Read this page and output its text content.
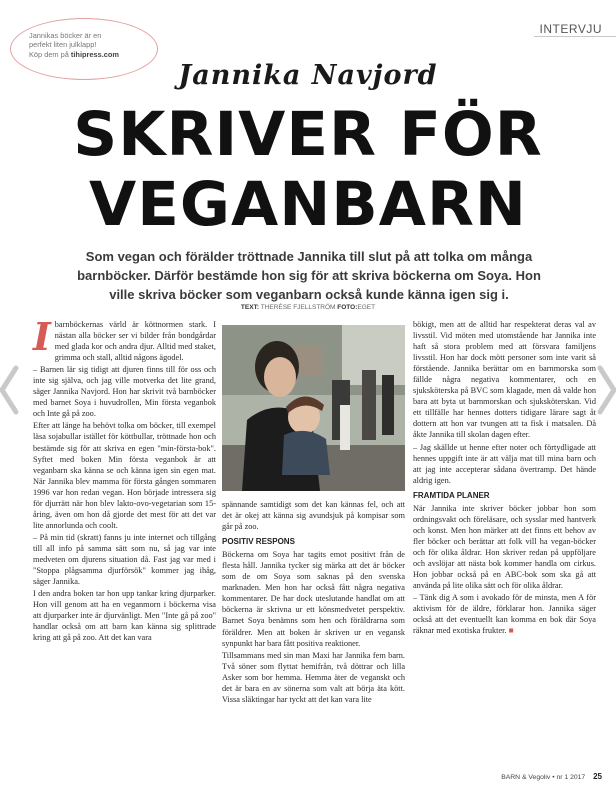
Jannikas böcker är en
perfekt liten julklapp!
Köp dem på tihipress.com
INTERVJU
Jannika Navjord
SKRIVER FÖR
VEGANBARN
Som vegan och förälder tröttnade Jannika till slut på att tolka om många barnböcker. Därför bestämde hon sig för att skriva böckerna om Soya. Hon ville skriva böcker som veganbarn också kunde känna igen sig i.
TEXT: THERÉSE FJELLSTRÖM FOTO:EGET
I barnböckernas värld är köttnormen stark. I nästan alla böcker ser vi bilder från bondgårdar med glada kor och andra djur. Alltid med staket, grimma och stall, alltid någons ägodel.

– Barnen lär sig tidigt att djuren finns till för oss och inte sig själva, och jag ville motverka det lite grand, säger Jannika Navjord. Hon har skrivit två barnböcker med barnet Soya i huvudrollen, Min första veganbok och Inte gå på zoo.

Efter att länge ha behövt tolka om böcker, till exempel läsa sojabullar istället för köttbullar, tröttnade hon och bestämde sig för att skriva en egen "min-första-bok". Syftet med boken Min första veganbok är att veganbarn ska känna se och känna igen sin egen mat. När Jannika blev mamma för första gången sommaren 1996 var hon redan vegan. Hon började intressera sig för djurrätt när hon blev lakto-ovo-vegetarian som 15-åring, även om hon då gjorde det mest för att det var lite annorlunda och coolt.

– På min tid (skratt) fanns ju inte internet och tillgång till all info på samma sätt som nu, så jag var inte medveten om djurens situation då. Fast jag var med i "Stoppa plågsamma djurförsök" kommer jag ihåg, säger Jannika.

I den andra boken tar hon upp tankar kring djurparker. Hon vill genom att ha en veganmorn i böckerna visa att djurparker inte är djurvänligt. Men "Inte gå på zoo" handlar också om att barn kan känna sig splittrade kring att gå på zoo. Att det kan vara

spännande samtidigt som det kan kännas fel, och att det är okej att känna sig avundsjuk på kompisar som går på zoo.

POSITIV RESPONS

Böckerna om Soya har tagits emot positivt från de flesta håll. Jannika tycker sig märka att det är böcker som de om Soya som saknas på den svenska marknaden. Men hon har också fått några negativa kommentarer. De har dock uteslutande handlat om att böckerna är skrivna ur ett könsmedvetet perspektiv. Barnet Soya benämns som hen och föräldrarna som föräldrer. Men att boken är skriven ur en vegansk synpunkt har bara fått positiva reaktioner.

Tillsammans med sin man Maxi har Jannika fem barn. Två söner som flyttat hemifrån, två döttrar och lilla Asker som bor hemma. Hemma äter de veganskt och det är bara en av sönerna som valt att börja äta kött. Vissa släktingar har tyckt att det kan vara lite

bökigt, men att de alltid har respekterat deras val av livsstil. Vid möten med utomstående har Jannika inte haft så stora problem med att försvara familjens livsstil. Hon har dock mött personer som inte varit så förstående. Jannika berättar om en barnmorska som fällde några negativa kommentarer, och en sjuksköterska på BVC som klagade, men då valde hon bara att byta ut barnmorskan och sjuksköterskan. Vid ett tillfälle har hennes dotters tidigare lärare sagt åt dottern att hon var tvungen att ta fisk i matsalen. Då åkte Jannika till skolan dagen efter.

– Jag skällde ut henne efter noter och förtydligade att hennes uppgift inte är att välja mat till mina barn och att jag inte accepterar sådana övertramp. Det hände aldrig igen.

FRAMTIDA PLANER

När Jannika inte skriver böcker jobbar hon som ordningsvakt och föreläsare, och sysslar med hantverk och konst. Men hon märker att det finns ett behov av fler böcker och berättar att folk vill ha vegan-böcker och för olika åldrar. Hon skriver redan på uppföljare och avslöjar att nästa bok kommer handla om cirkus. Hon jobbar också på en ABC-bok som ska gå att använda på lite olika sätt och för olika åldrar.

– Tänk dig A som i avokado för de minsta, men A för aktivism för de äldre, förklarar hon. Jannika säger också att det eventuellt kan komma en bok där Soya räknar med exotiska frukter. ■

BARN & Vegoliv • nr 1 2017 25
